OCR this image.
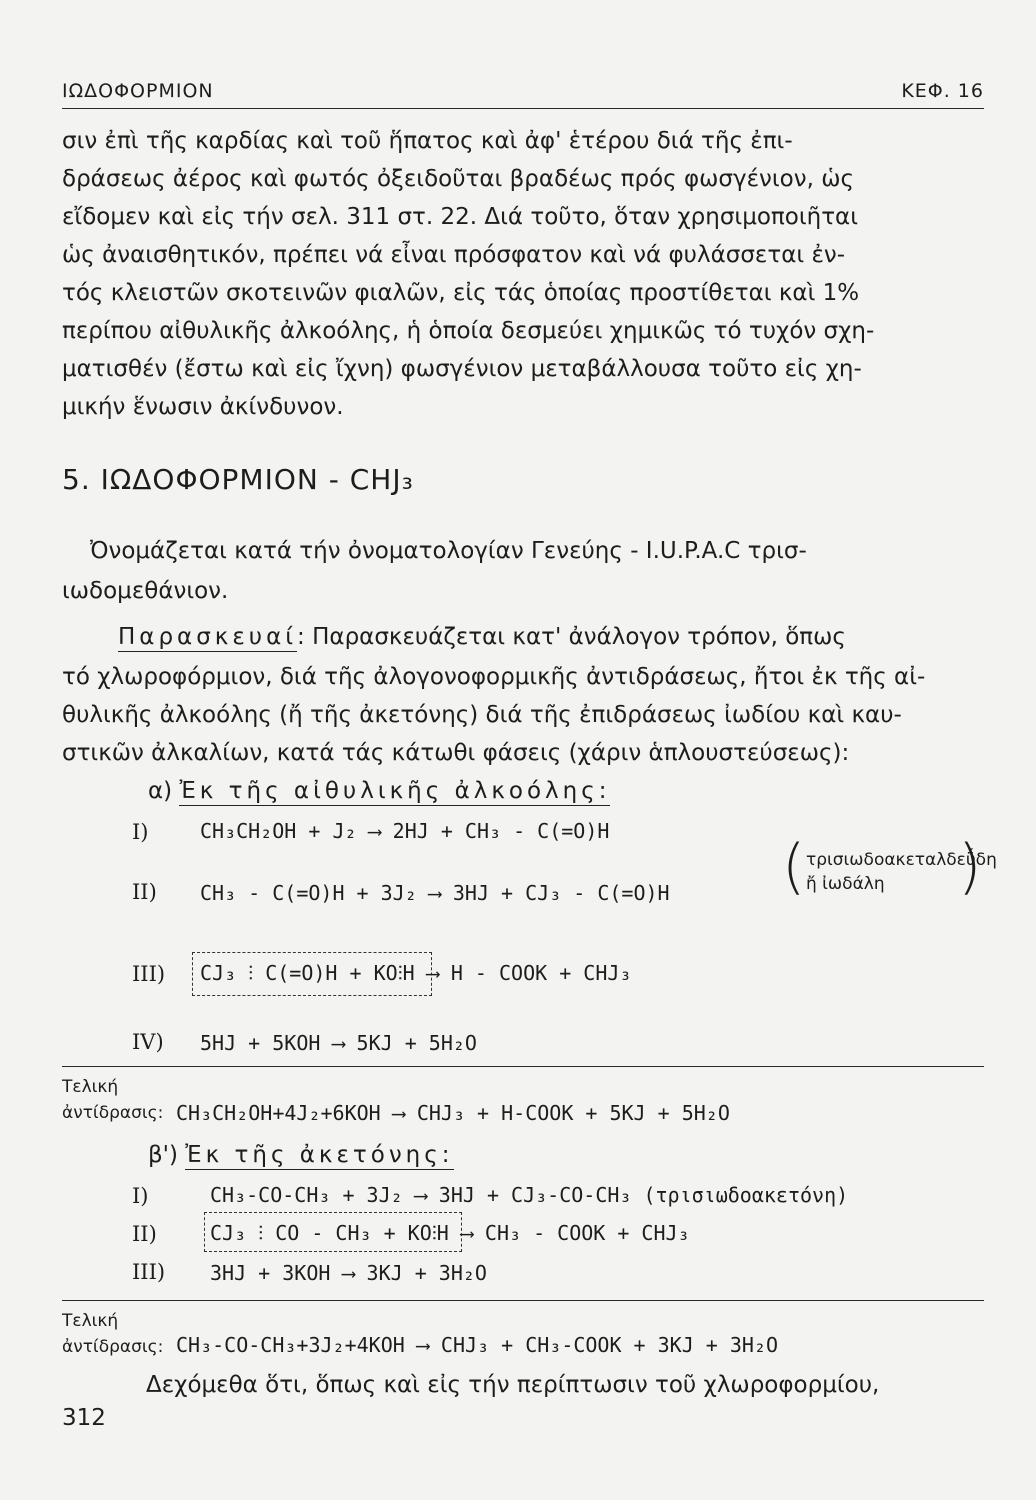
ΙΩΔΟΦΟΡΜΙΟΝ	ΚΕΦ. 16
σιν ἐπὶ τῆς καρδίας καὶ τοῦ ἥπατος καὶ ἀφ' ἑτέρου διά τῆς ἐπι-
δράσεως ἀέρος καὶ φωτός ὀξειδοῦται βραδέως πρός φωσγένιον, ὡς
εἴδομεν καὶ εἰς τήν σελ. 311 στ. 22. Διά τοῦτο, ὅταν χρησιμοποιῆται
ὡς ἀναισθητικόν, πρέπει νά εἶναι πρόσφατον καὶ νά φυλάσσεται ἐν-
τός κλειστῶν σκοτεινῶν φιαλῶν, εἰς τάς ὁποίας προστίθεται καὶ 1%
περίπου αἰθυλικῆς ἀλκοόλης, ἡ ὁποία δεσμεύει χημικῶς τό τυχόν σχη-
ματισθέν (ἔστω καὶ εἰς ἴχνη) φωσγένιον μεταβάλλουσα τοῦτο εἰς χη-
μικήν ἕνωσιν ἀκίνδυνον.
5. ΙΩΔΟΦΟΡΜΙΟΝ - CHJ₃
Ὀνομάζεται κατά τήν ὀνοματολογίαν Γενεύης - I.U.P.A.C τρισ-
ιωδομεθάνιον.
Παρασκευαί: Παρασκευάζεται κατ' ἀνάλογον τρόπον, ὅπως
τό χλωροφόρμιον, διά τῆς ἀλογονοφορμικῆς ἀντιδράσεως, ἤτοι ἐκ τῆς αἰ-
θυλικῆς ἀλκοόλης (ἤ τῆς ἀκετόνης) διά τῆς ἐπιδράσεως ἰωδίου καὶ καυ-
στικῶν ἀλκαλίων, κατά τάς κάτωθι φάσεις (χάριν ἁπλουστεύσεως):
α) Ἐκ τῆς αἰθυλικῆς ἀλκοόλης:
I)	CH₃CH₂OH + J₂ ⟶ 2HJ + CH₃ - C(=O)H
II) CH₃ - C(=O)H + 3J₂ ⟶ 3HJ + CJ₃ - C(=O)H ( τρισιωδοακεταλδεΰδη
ἤ ἰωδάλη )
III) CJ₃ ⫶ C(=O)H + KO⫶H ⟶ H - COOK + CHJ₃
IV) 5HJ + 5KOH ⟶ 5KJ + 5H₂O
Τελική
ἀντίδρασις: CH₃CH₂OH+4J₂+6KOH ⟶ CHJ₃ + H-COOK + 5KJ + 5H₂O
β') Ἐκ τῆς ἀκετόνης:
I)	CH₃-CO-CH₃ + 3J₂ ⟶ 3HJ + CJ₃-CO-CH₃ (τρισιωδοακετόνη)
II)	CJ₃ ⫶ CO - CH₃ + KO⫶H ⟶ CH₃ - COOK + CHJ₃
III) 3HJ + 3KOH ⟶ 3KJ + 3H₂O
Τελική
ἀντίδρασις: CH₃-CO-CH₃+3J₂+4KOH ⟶ CHJ₃ + CH₃-COOK + 3KJ + 3H₂O
Δεχόμεθα ὅτι, ὅπως καὶ εἰς τήν περίπτωσιν τοῦ χλωροφορμίου,
312
